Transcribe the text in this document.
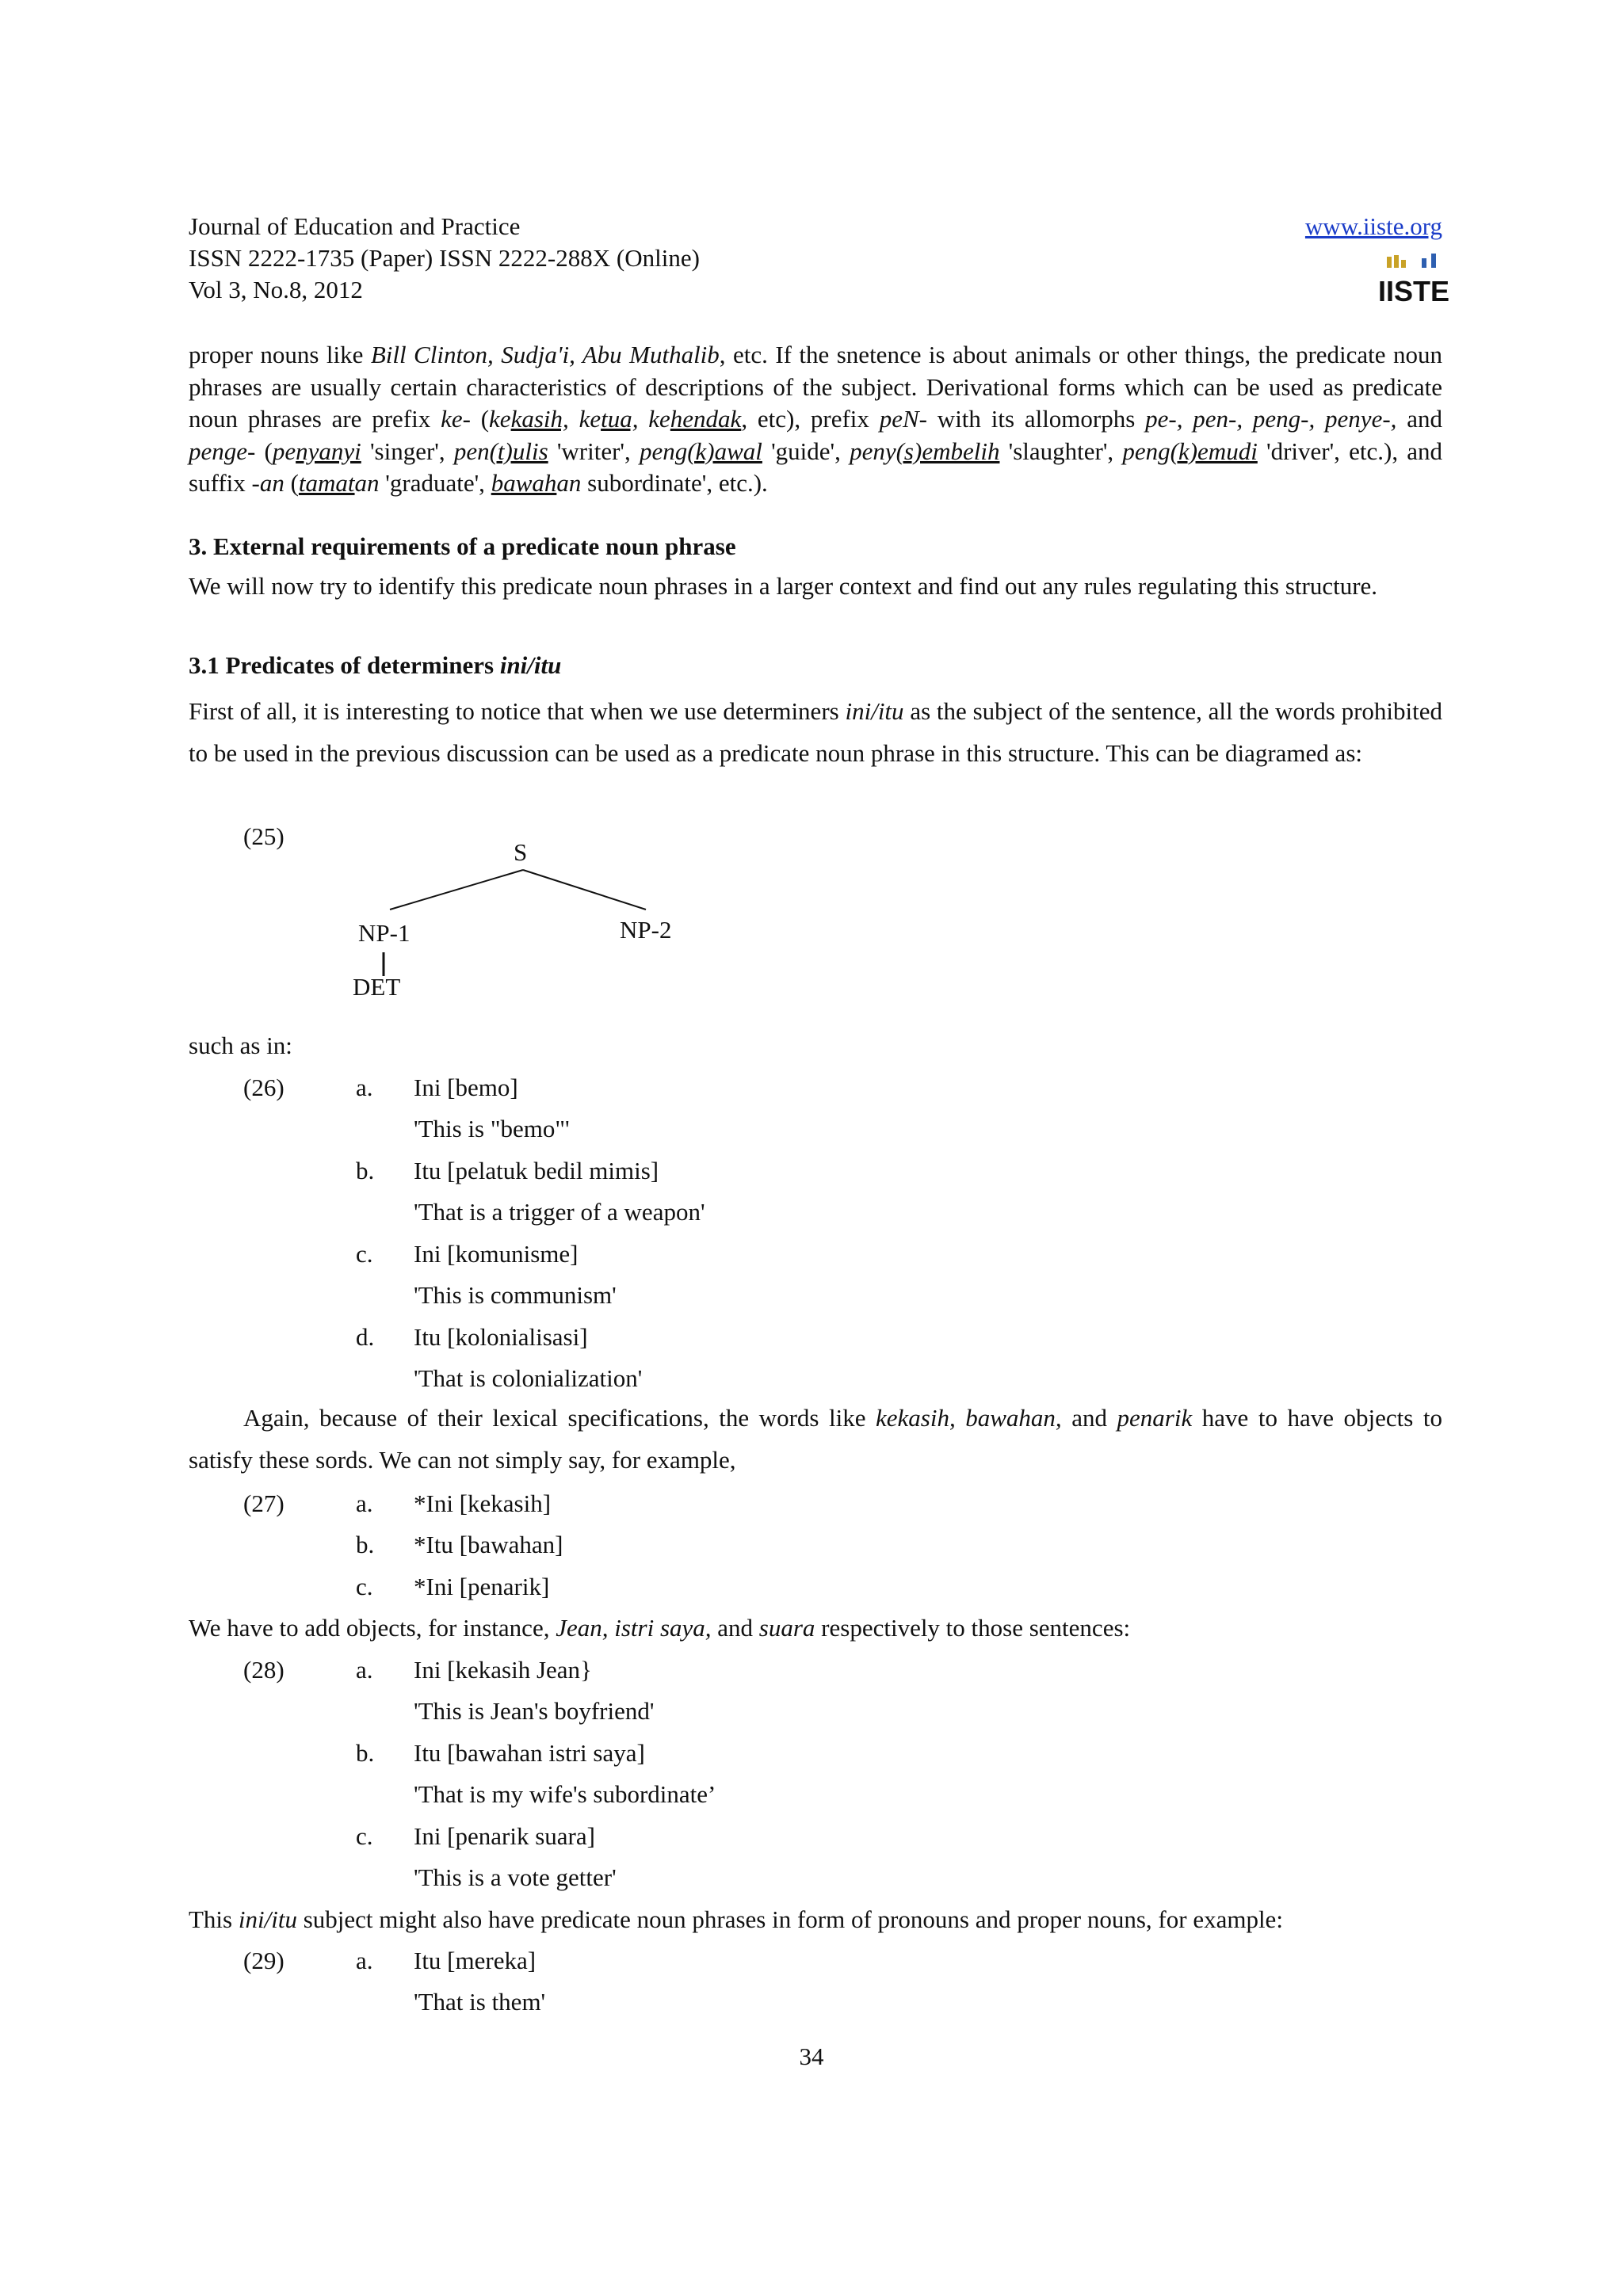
Journal of Education and Practice
ISSN 2222-1735 (Paper) ISSN 2222-288X (Online)
Vol 3, No.8, 2012
www.iiste.org
IISTE
proper nouns like Bill Clinton, Sudja'i, Abu Muthalib, etc. If the snetence is about animals or other things, the predicate noun phrases are usually certain characteristics of descriptions of the subject. Derivational forms which can be used as predicate noun phrases are prefix ke- (kekasih, ketua, kehendak, etc), prefix peN- with its allomorphs pe-, pen-, peng-, penye-, and penge- (penyanyi 'singer', pen(t)ulis 'writer', peng(k)awal 'guide', peny(s)embelih 'slaughter', peng(k)emudi 'driver', etc.), and suffix -an (tamatan 'graduate', bawahan subordinate', etc.).
3. External requirements of a predicate noun phrase
We will now try to identify this predicate noun phrases in a larger context and find out any rules regulating this structure.
3.1 Predicates of determiners ini/itu
First of all, it is interesting to notice that when we use determiners ini/itu as the subject of the sentence, all the words prohibited to be used in the previous discussion can be used as a predicate noun phrase in this structure. This can be diagramed as:
(25)
S
NP-1	NP-2
DET
such as in:
(26)	a. Ini [bemo]
'This is "bemo"'
b. Itu [pelatuk bedil mimis]
'That is a trigger of a weapon'
c. Ini [komunisme]
'This is communism'
d. Itu [kolonialisasi]
'That is colonialization'
Again, because of their lexical specifications, the words like kekasih, bawahan, and penarik have to have objects to satisfy these sords. We can not simply say, for example,
(27)	a. *Ini [kekasih]
b. *Itu [bawahan]
c. *Ini [penarik]
We have to add objects, for instance, Jean, istri saya, and suara respectively to those sentences:
(28)	a. Ini [kekasih Jean}
'This is Jean's boyfriend'
b. Itu [bawahan istri saya]
'That is my wife's subordinate’
c. Ini [penarik suara]
'This is a vote getter'
This ini/itu subject might also have predicate noun phrases in form of pronouns and proper nouns, for example:
(29)	a. Itu [mereka]
'That is them'
34
